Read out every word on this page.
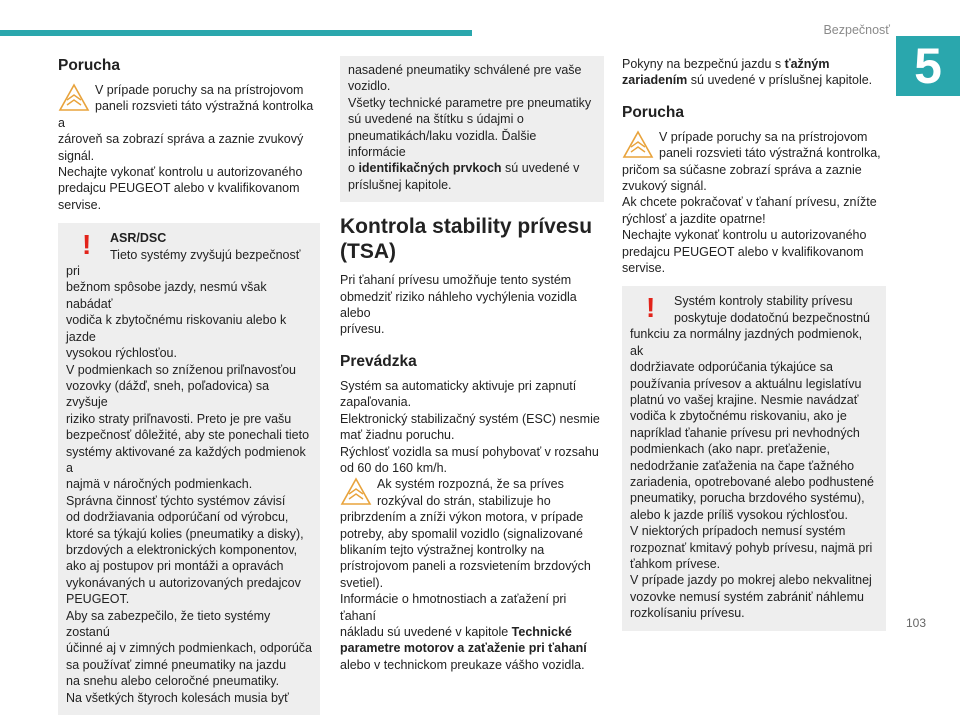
Bezpečnosť
5
103
Porucha
V prípade poruchy sa na prístrojovom
paneli rozsvieti táto výstražná kontrolka a
zároveň sa zobrazí správa a zaznie zvukový
signál.
Nechajte vykonať kontrolu u autorizovaného
predajcu PEUGEOT alebo v kvalifikovanom
servise.
!	ASR/DSC
Tieto systémy zvyšujú bezpečnosť pri
bežnom spôsobe jazdy, nesmú však nabádať
vodiča k zbytočnému riskovaniu alebo k jazde
vysokou rýchlosťou.
V podmienkach so zníženou priľnavosťou
vozovky (dážď, sneh, poľadovica) sa zvyšuje
riziko straty priľnavosti. Preto je pre vašu
bezpečnosť dôležité, aby ste ponechali tieto
systémy aktivované za každých podmienok a
najmä v náročných podmienkach.
Správna činnosť týchto systémov závisí
od dodržiavania odporúčaní od výrobcu,
ktoré sa týkajú kolies (pneumatiky a disky),
brzdových a elektronických komponentov,
ako aj postupov pri montáži a opravách
vykonávaných u autorizovaných predajcov
PEUGEOT.
Aby sa zabezpečilo, že tieto systémy zostanú
účinné aj v zimných podmienkach, odporúča
sa používať zimné pneumatiky na jazdu
na snehu alebo celoročné pneumatiky.
Na všetkých štyroch kolesách musia byť
nasadené pneumatiky schválené pre vaše
vozidlo.
Všetky technické parametre pre pneumatiky
sú uvedené na štítku s údajmi o
pneumatikách/laku vozidla. Ďalšie informácie
o identifikačných prvkoch sú uvedené v
príslušnej kapitole.
Kontrola stability prívesu
(TSA)
Pri ťahaní prívesu umožňuje tento systém
obmedziť riziko náhleho vychýlenia vozidla alebo
prívesu.
Prevádzka
Systém sa automaticky aktivuje pri zapnutí
zapaľovania.
Elektronický stabilizačný systém (ESC) nesmie
mať žiadnu poruchu.
Rýchlosť vozidla sa musí pohybovať v rozsahu
od 60 do 160 km/h.
Ak systém rozpozná, že sa príves
rozkýval do strán, stabilizuje ho
pribrzdením a zníži výkon motora, v prípade
potreby, aby spomalil vozidlo (signalizované
blikaním tejto výstražnej kontrolky na
prístrojovom paneli a rozsvietením brzdových
svetiel).
Informácie o hmotnostiach a zaťažení pri ťahaní
nákladu sú uvedené v kapitole Technické
parametre motorov a zaťaženie pri ťahaní
alebo v technickom preukaze vášho vozidla.
Pokyny na bezpečnú jazdu s ťažným
zariadením sú uvedené v príslušnej kapitole.
Porucha
V prípade poruchy sa na prístrojovom
paneli rozsvieti táto výstražná kontrolka,
pričom sa súčasne zobrazí správa a zaznie
zvukový signál.
Ak chcete pokračovať v ťahaní prívesu, znížte
rýchlosť a jazdite opatrne!
Nechajte vykonať kontrolu u autorizovaného
predajcu PEUGEOT alebo v kvalifikovanom
servise.
!	Systém kontroly stability prívesu
poskytuje dodatočnú bezpečnostnú
funkciu za normálny jazdných podmienok, ak
dodržiavate odporúčania týkajúce sa
používania prívesov a aktuálnu legislatívu
platnú vo vašej krajine. Nesmie navádzať
vodiča k zbytočnému riskovaniu, ako je
napríklad ťahanie prívesu pri nevhodných
podmienkach (ako napr. preťaženie,
nedodržanie zaťaženia na čape ťažného
zariadenia, opotrebované alebo podhustené
pneumatiky, porucha brzdového systému),
alebo k jazde príliš vysokou rýchlosťou.
V niektorých prípadoch nemusí systém
rozpoznať kmitavý pohyb prívesu, najmä pri
ťahkom prívese.
V prípade jazdy po mokrej alebo nekvalitnej
vozovke nemusí systém zabrániť náhlemu
rozkolísaniu prívesu.
